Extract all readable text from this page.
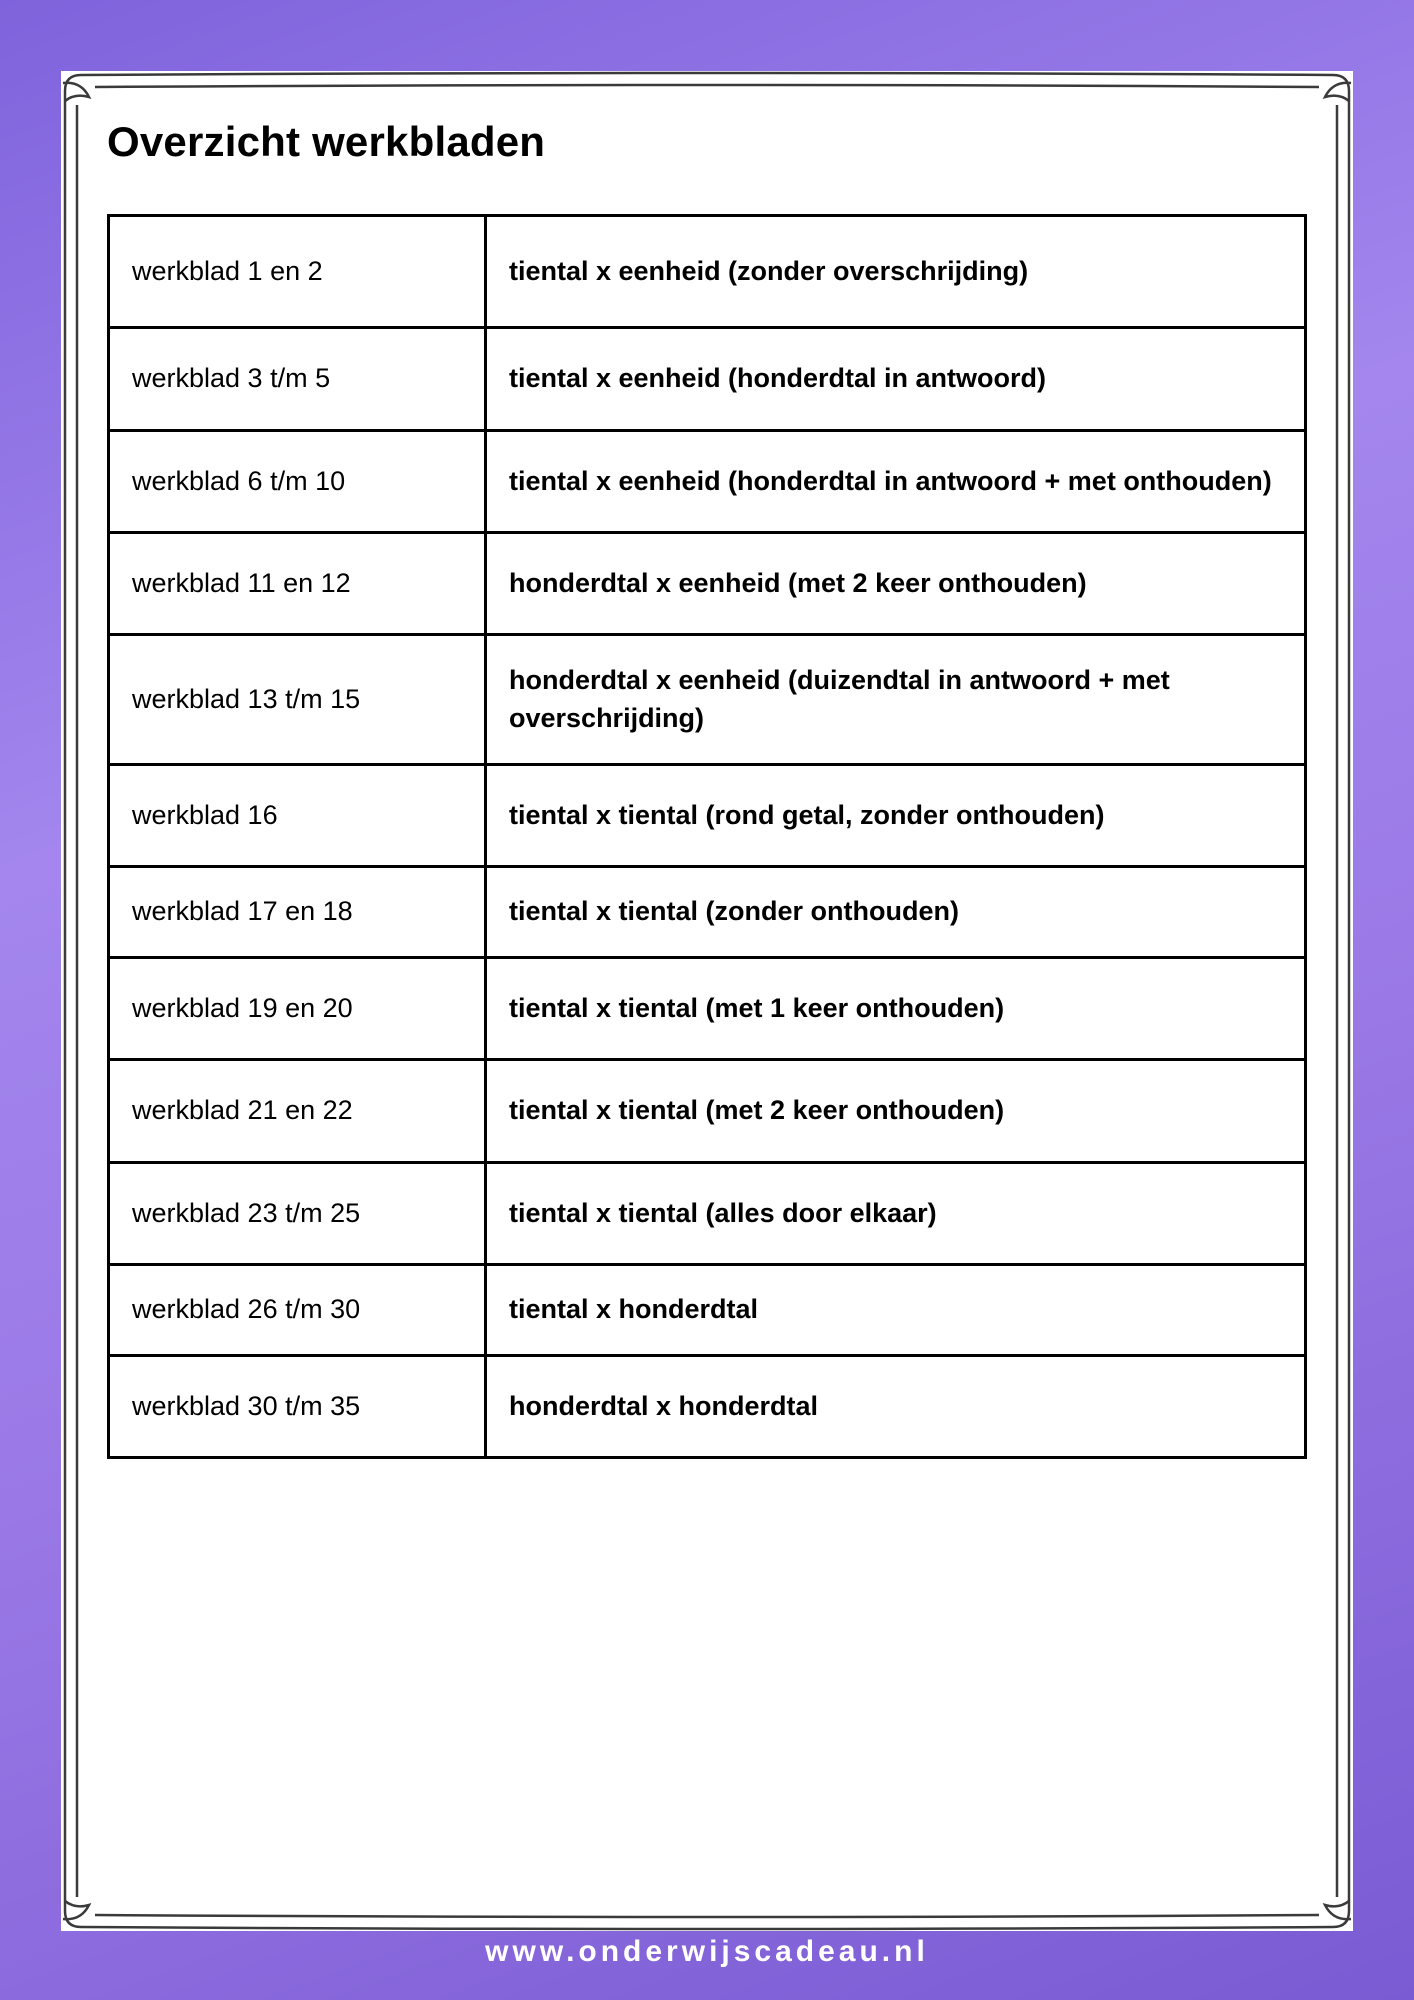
Overzicht werkbladen
werkblad 1 en 2	tiental x eenheid (zonder overschrijding)
werkblad 3 t/m 5	tiental x eenheid (honderdtal in antwoord)
werkblad 6 t/m 10	tiental x eenheid (honderdtal in antwoord + met onthouden)
werkblad 11 en 12	honderdtal x eenheid (met 2 keer onthouden)
werkblad 13 t/m 15	honderdtal x eenheid (duizendtal in antwoord + met overschrijding)
werkblad 16	tiental x tiental (rond getal, zonder onthouden)
werkblad 17 en 18	tiental x tiental (zonder onthouden)
werkblad 19 en 20	tiental x tiental (met 1 keer onthouden)
werkblad 21 en 22	tiental x tiental (met 2 keer onthouden)
werkblad 23 t/m 25	tiental x tiental (alles door elkaar)
werkblad 26 t/m 30	tiental x honderdtal
werkblad 30 t/m 35	honderdtal x honderdtal
www.onderwijscadeau.nl
